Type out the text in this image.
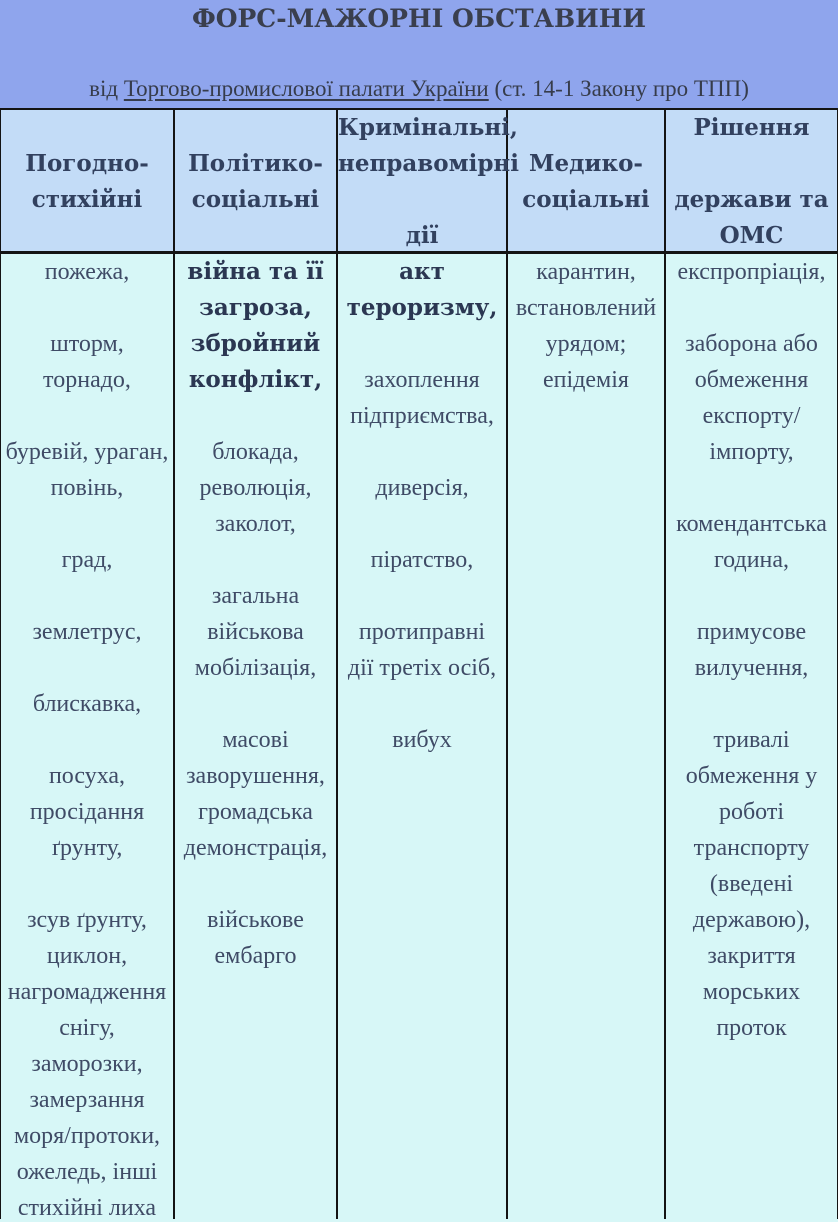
ФОРС-МАЖОРНІ ОБСТАВИНИ
від Торгово-промислової палати України (ст. 14-1 Закону про ТПП)
Погодно-
стихійні
Політико-
соціальні
Кримінальні,
неправомірні
дії
Медико-
соціальні
Рішення
держави та
ОМС
пожежа,
шторм,
торнадо,
буревій, ураган,
повінь,
град,
землетрус,
блискавка,
посуха,
просідання
ґрунту,
зсув ґрунту,
циклон,
нагромадження
снігу,
заморозки,
замерзання
моря/протоки,
ожеледь, інші
стихійні лиха
війна та її
загроза,
збройний
конфлікт,
блокада,
революція,
заколот,
загальна
військова
мобілізація,
масові
заворушення,
громадська
демонстрація,
військове
ембарго
акт
тероризму,
захоплення
підприємства,
диверсія,
піратство,
протиправні
дії третіх осіб,
вибух
карантин,
встановлений
урядом;
епідемія
експропріація,
заборона або
обмеження
експорту/
імпорту,
комендантська
година,
примусове
вилучення,
тривалі
обмеження у
роботі
транспорту
(введені
державою),
закриття
морських
проток
